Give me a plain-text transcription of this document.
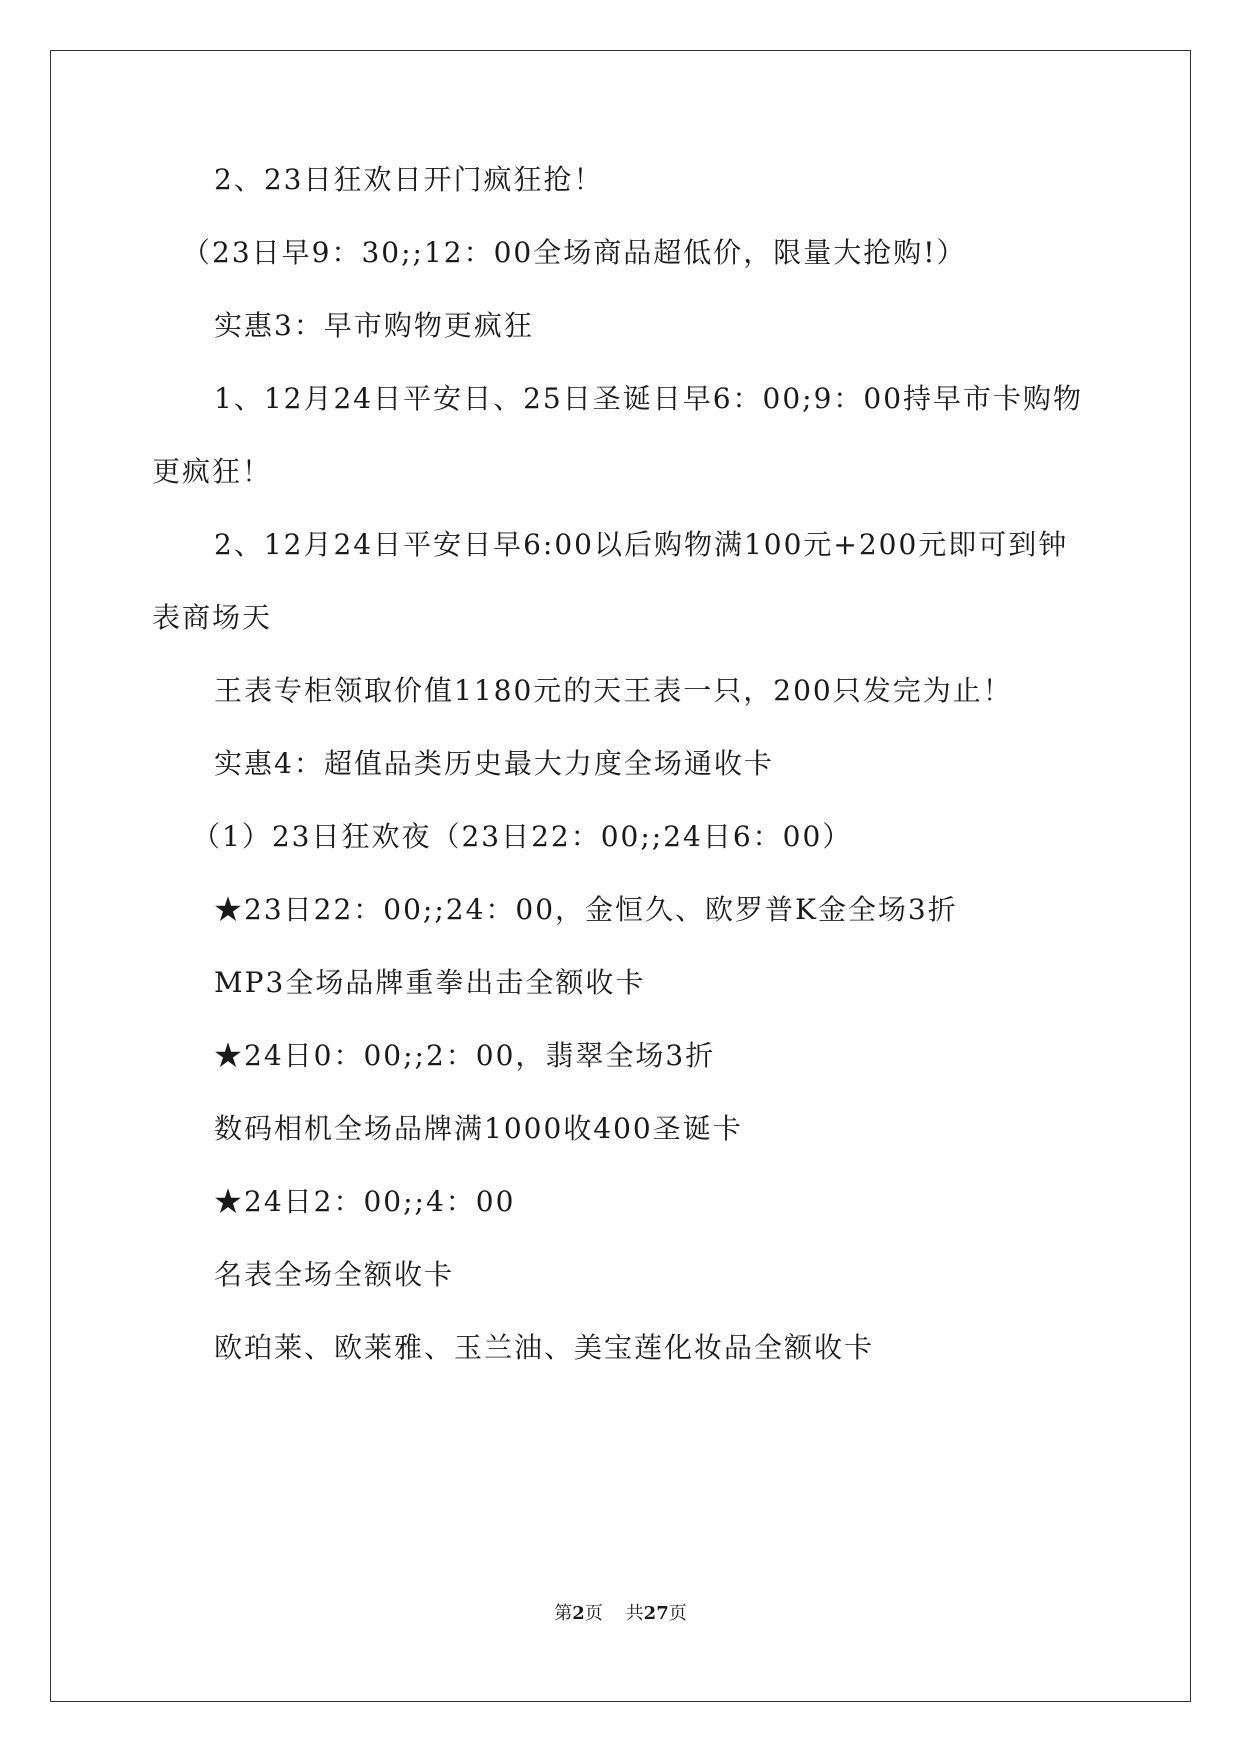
2、23日狂欢日开门疯狂抢！
（23日早9：30;;12：00全场商品超低价，限量大抢购!）
实惠3：早市购物更疯狂
1、12月24日平安日、25日圣诞日早6：00;9：00持早市卡购物
更疯狂！
2、12月24日平安日早6:00以后购物满100元+200元即可到钟
表商场天
王表专柜领取价值1180元的天王表一只，200只发完为止！
实惠4：超值品类历史最大力度全场通收卡
（1）23日狂欢夜（23日22：00;;24日6：00）
★23日22：00;;24：00，金恒久、欧罗普K金全场3折
MP3全场品牌重拳出击全额收卡
★24日0：00;;2：00，翡翠全场3折
数码相机全场品牌满1000收400圣诞卡
★24日2：00;;4：00
名表全场全额收卡
欧珀莱、欧莱雅、玉兰油、美宝莲化妆品全额收卡
第2页 共27页
